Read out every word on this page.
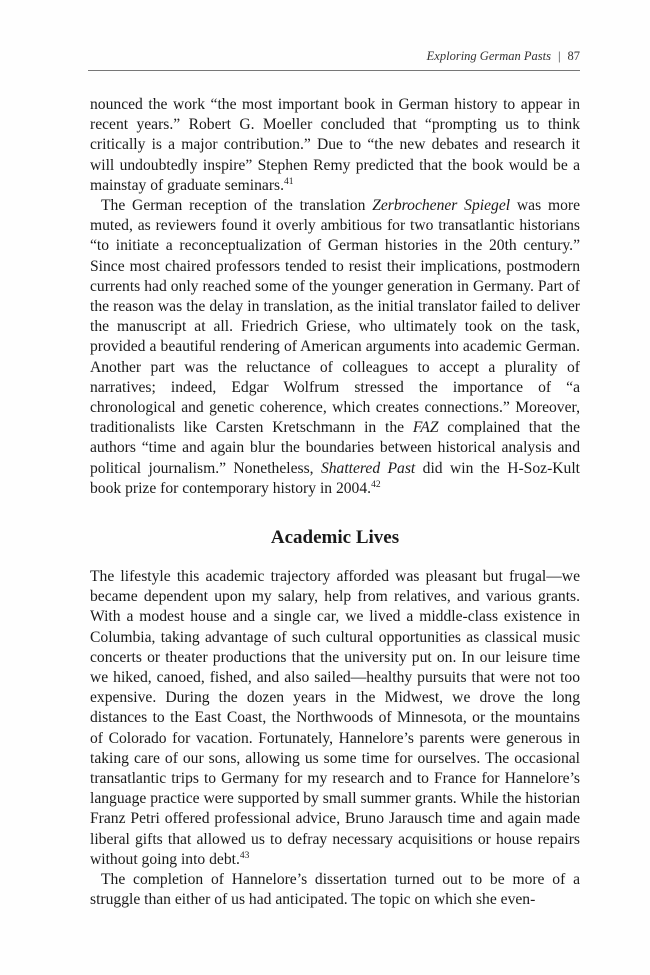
Exploring German Pasts | 87

nounced the work “the most important book in German history to appear in recent years.” Robert G. Moeller concluded that “prompting us to think critically is a major contribution.” Due to “the new debates and research it will undoubtedly inspire” Stephen Remy predicted that the book would be a mainstay of graduate seminars.$^{41}$

The German reception of the translation Zerbrochener Spiegel was more muted, as reviewers found it overly ambitious for two transatlantic historians “to initiate a reconceptualization of German histories in the 20th century.” Since most chaired professors tended to resist their implications, postmodern currents had only reached some of the younger generation in Germany. Part of the reason was the delay in translation, as the initial translator failed to deliver the manuscript at all. Friedrich Griese, who ultimately took on the task, provided a beautiful rendering of American arguments into academic German. Another part was the reluctance of colleagues to accept a plurality of narratives; indeed, Edgar Wolfrum stressed the importance of “a chronological and genetic coherence, which creates connections.” Moreover, traditionalists like Carsten Kretschmann in the FAZ complained that the authors “time and again blur the boundaries between historical analysis and political journalism.” Nonetheless, Shattered Past did win the H-Soz-Kult book prize for contemporary history in 2004.42

Academic Lives

The lifestyle this academic trajectory afforded was pleasant but frugal—we became dependent upon my salary, help from relatives, and various grants. With a modest house and a single car, we lived a middle-class existence in Columbia, taking advantage of such cultural opportunities as classical music concerts or theater productions that the university put on. In our leisure time we hiked, canoed, fished, and also sailed—healthy pursuits that were not too expensive. During the dozen years in the Midwest, we drove the long distances to the East Coast, the Northwoods of Minnesota, or the mountains of Colorado for vacation. Fortunately, Hannelore’s parents were generous in taking care of our sons, allowing us some time for ourselves. The occasional transatlantic trips to Germany for my research and to France for Hannelore’s language practice were supported by small summer grants. While the historian Franz Petri offered professional advice, Bruno Jarausch time and again made liberal gifts that allowed us to defray necessary acquisitions or house repairs without going into debt.$^{43}$

The completion of Hannelore’s dissertation turned out to be more of a struggle than either of us had anticipated. The topic on which she even-
